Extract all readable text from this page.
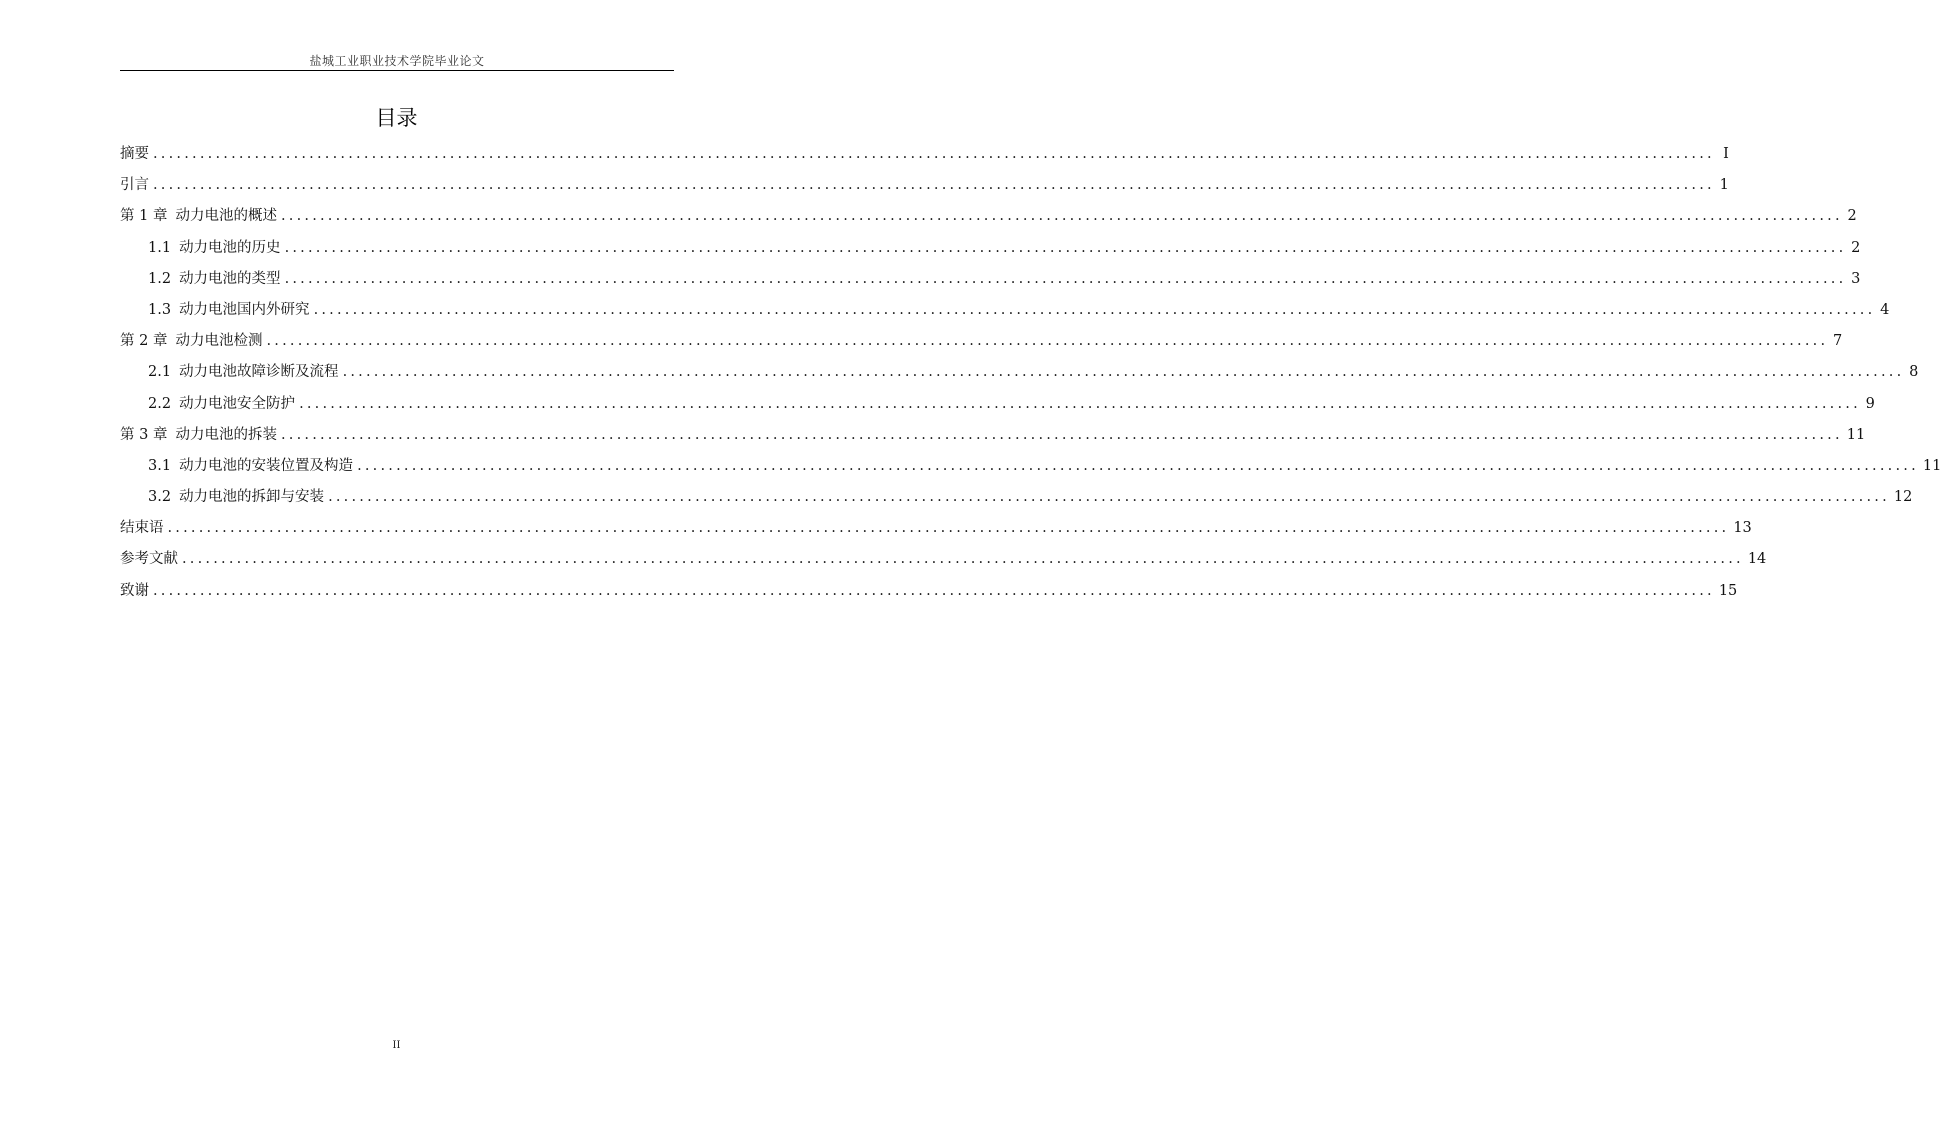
盐城工业职业技术学院毕业论文
目录
摘要 ........................................................................................................................................................................................................ I
引言 ........................................................................................................................................................................................................ 1
第 1 章 动力电池的概述 ........................................................................................................................................................................................................ 2
1.1 动力电池的历史 ........................................................................................................................................................................................................ 2
1.2 动力电池的类型 ........................................................................................................................................................................................................ 3
1.3 动力电池国内外研究 ........................................................................................................................................................................................................ 4
第 2 章 动力电池检测 ........................................................................................................................................................................................................ 7
2.1 动力电池故障诊断及流程 ........................................................................................................................................................................................................ 8
2.2 动力电池安全防护 ........................................................................................................................................................................................................ 9
第 3 章 动力电池的拆装 ........................................................................................................................................................................................................ 11
3.1 动力电池的安装位置及构造 ........................................................................................................................................................................................................ 11
3.2 动力电池的拆卸与安装 ........................................................................................................................................................................................................ 12
结束语 ........................................................................................................................................................................................................ 13
参考文献 ........................................................................................................................................................................................................ 14
致谢 ........................................................................................................................................................................................................ 15
II
